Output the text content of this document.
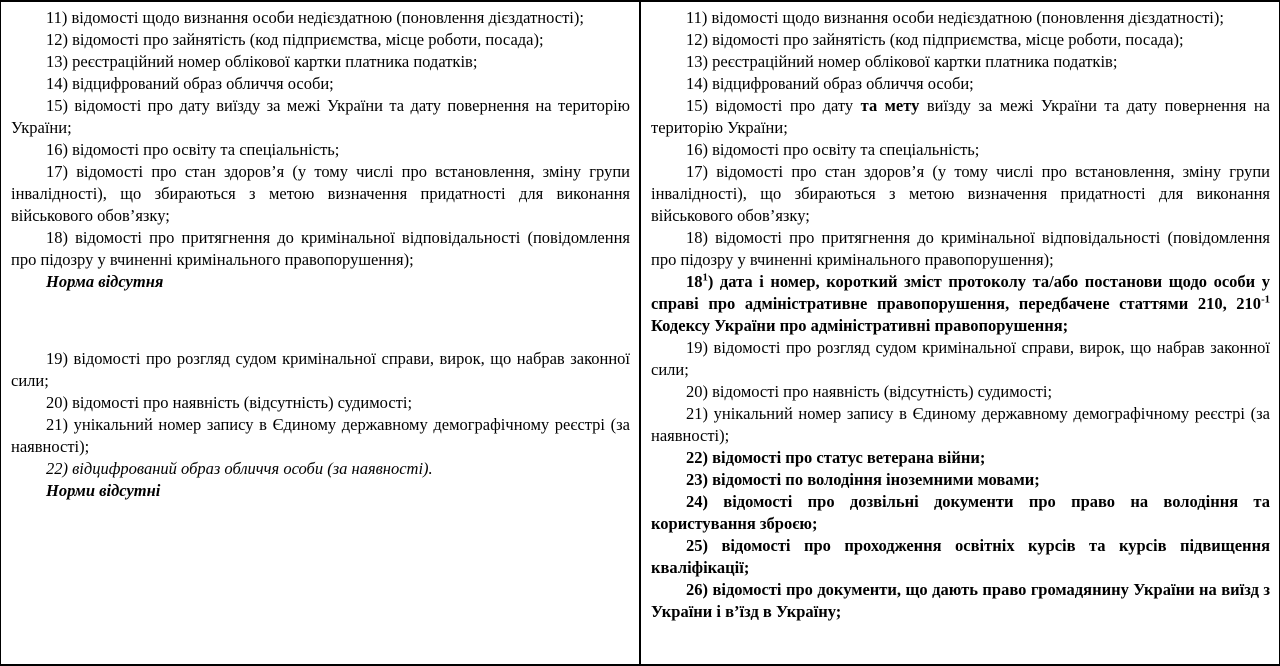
11) відомості щодо визнання особи недієздатною (поновлення дієздатності);

12) відомості про зайнятість (код підприємства, місце роботи, посада);

13) реєстраційний номер облікової картки платника податків;

14) відцифрований образ обличчя особи;

15) відомості про дату виїзду за межі України та дату повернення на територію України;

16) відомості про освіту та спеціальність;

17) відомості про стан здоров’я (у тому числі про встановлення, зміну групи інвалідності), що збираються з метою визначення придатності для виконання військового обов’язку;

18) відомості про притягнення до кримінальної відповідальності (повідомлення про підозру у вчиненні кримінального правопорушення);

Норма відсутня

19) відомості про розгляд судом кримінальної справи, вирок, що набрав законної сили;

20) відомості про наявність (відсутність) судимості;

21) унікальний номер запису в Єдиному державному демографічному реєстрі (за наявності);

22) відцифрований образ обличчя особи (за наявності).

Норми відсутні

11) відомості щодо визнання особи недієздатною (поновлення дієздатності);

12) відомості про зайнятість (код підприємства, місце роботи, посада);

13) реєстраційний номер облікової картки платника податків;

14) відцифрований образ обличчя особи;

15) відомості про дату та мету виїзду за межі України та дату повернення на територію України;

16) відомості про освіту та спеціальність;

17) відомості про стан здоров’я (у тому числі про встановлення, зміну групи інвалідності), що збираються з метою визначення придатності для виконання військового обов’язку;

18) відомості про притягнення до кримінальної відповідальності (повідомлення про підозру у вчиненні кримінального правопорушення);

$18^1$) дата і номер, короткий зміст протоколу та/або постанови щодо особи у справі про адміністративне правопорушення, передбачене статтями 210, $210^{-1}$ Кодексу України про адміністративні правопорушення;

19) відомості про розгляд судом кримінальної справи, вирок, що набрав законної сили;

20) відомості про наявність (відсутність) судимості;

21) унікальний номер запису в Єдиному державному демографічному реєстрі (за наявності);

22) відомості про статус ветерана війни;

23) відомості по володіння іноземними мовами;

24) відомості про дозвільні документи про право на володіння та користування зброєю;

25) відомості про проходження освітніх курсів та курсів підвищення кваліфікації;

26) відомості про документи, що дають право громадянину України на виїзд з України і в’їзд в Україну;
